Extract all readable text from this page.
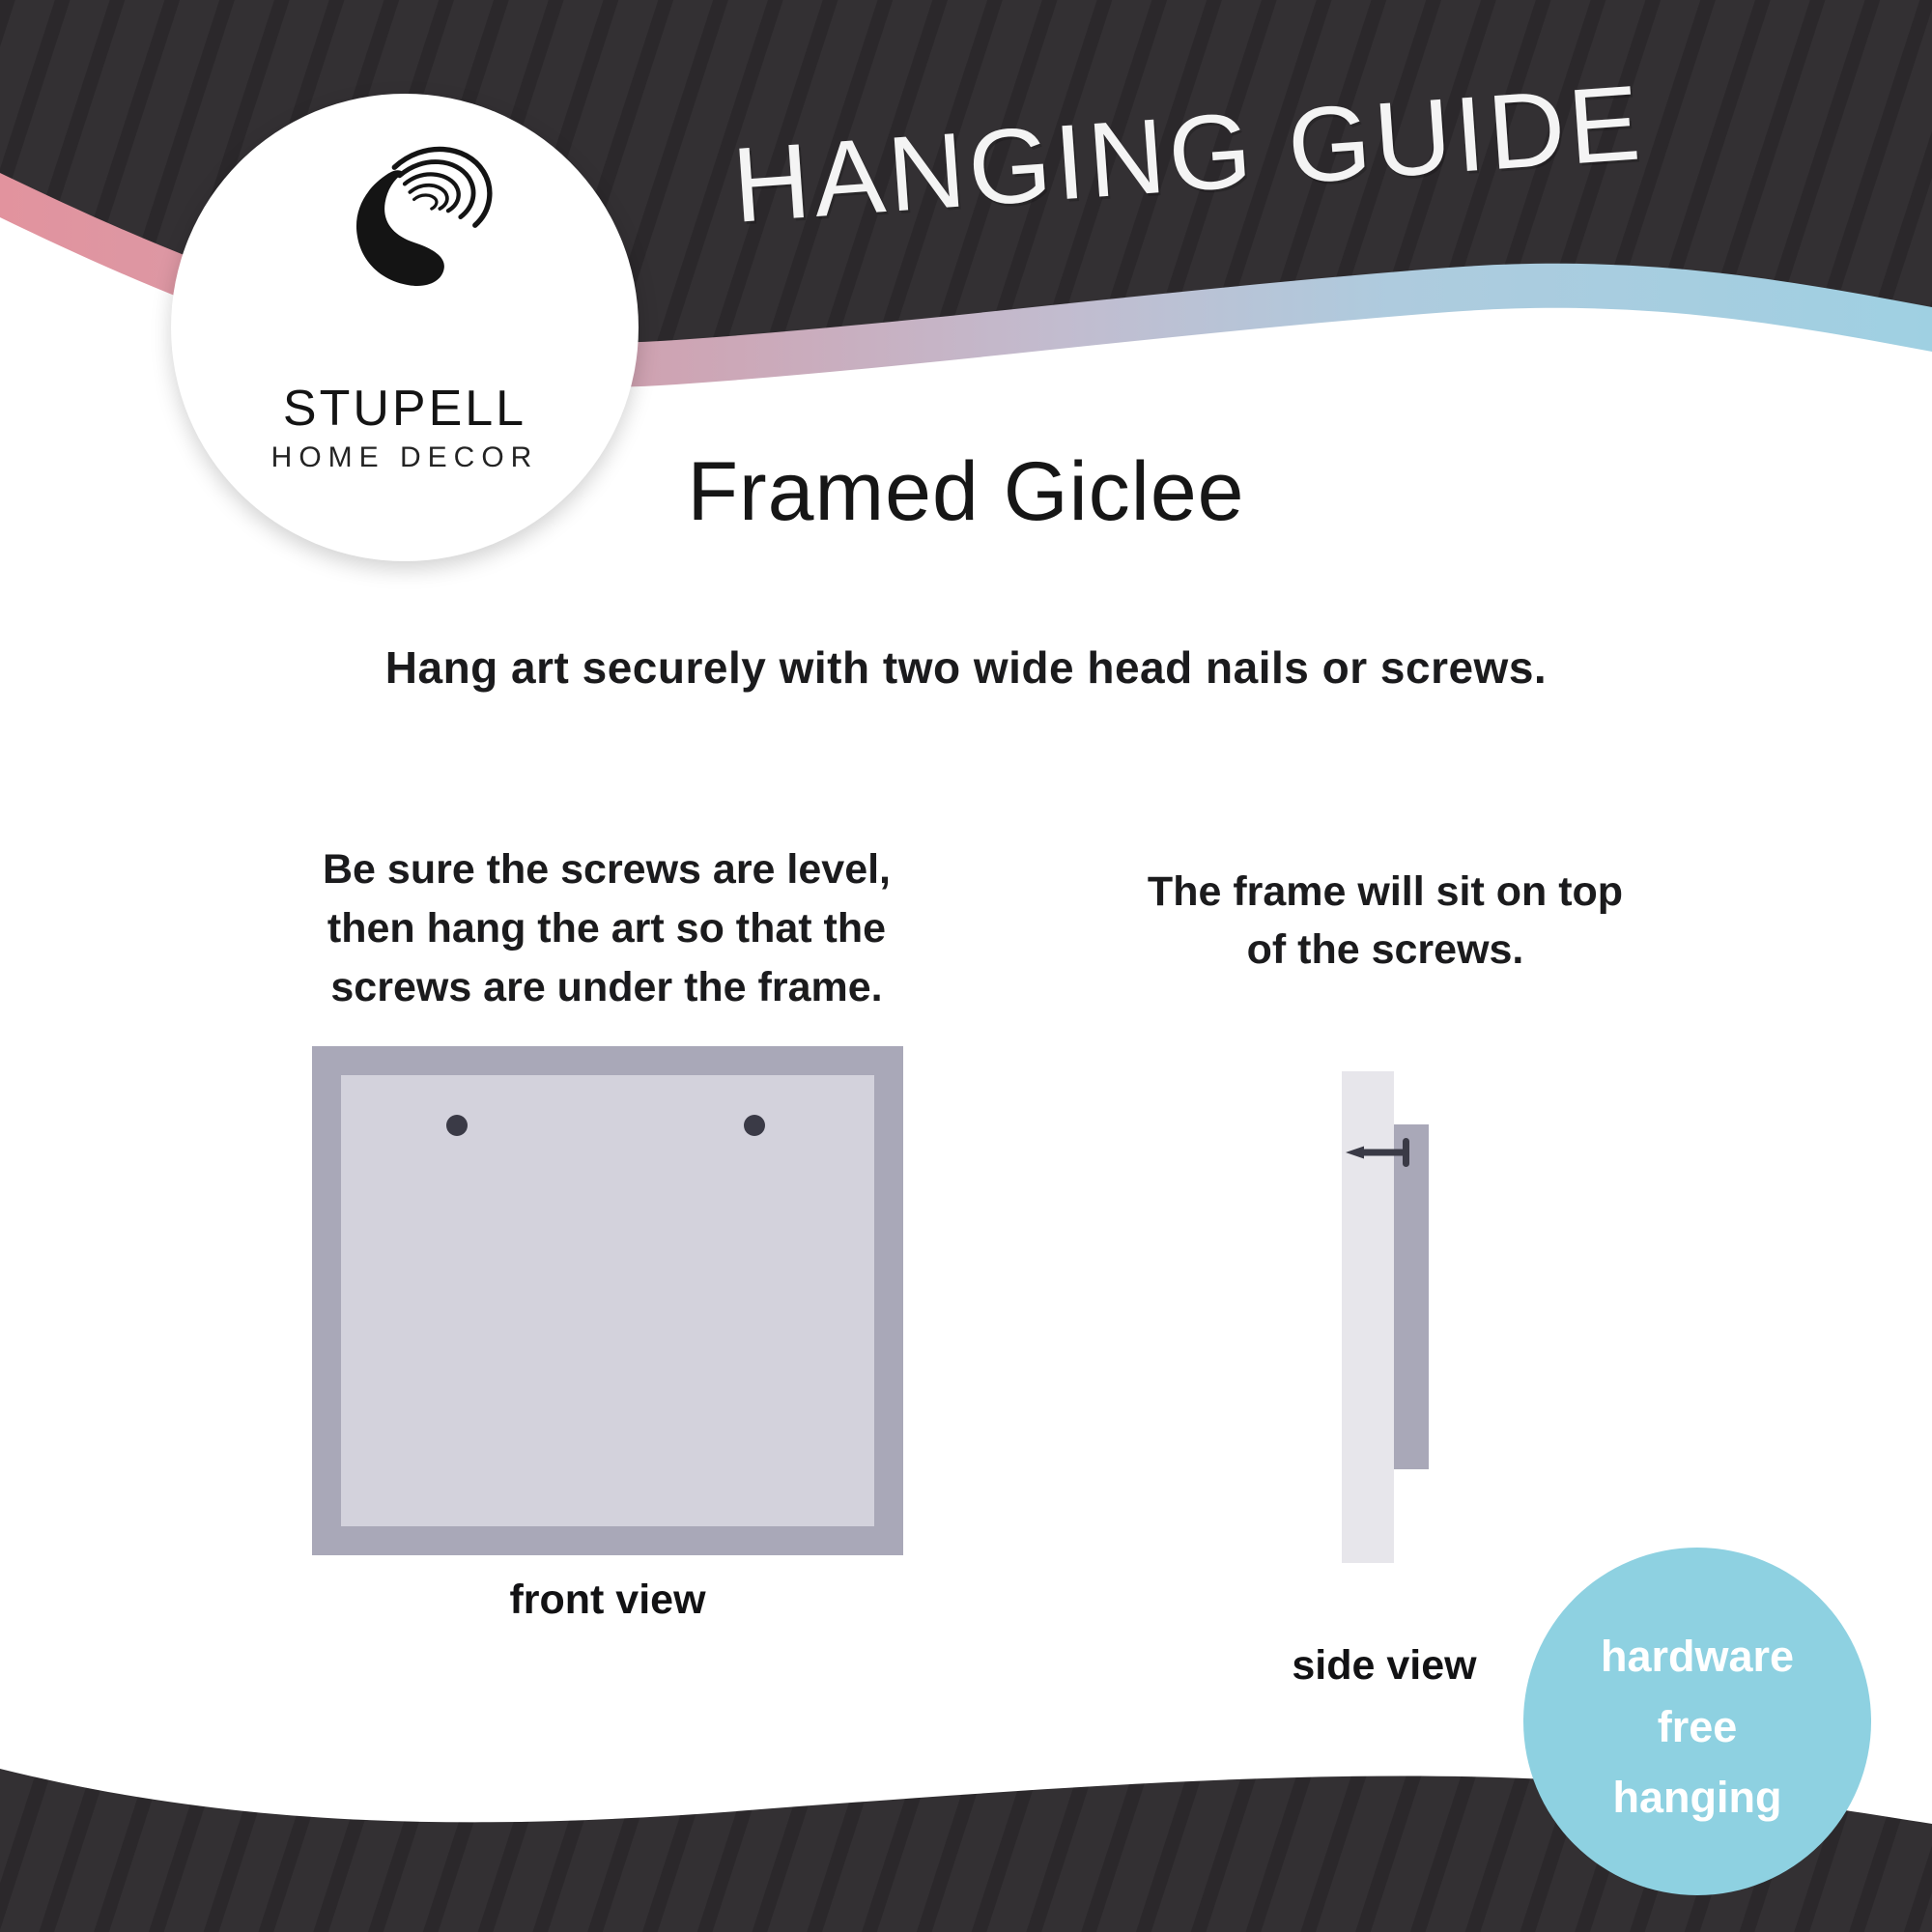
HANGING GUIDE
STUPELL
HOME DECOR	Framed Giclee
Hang art securely with two wide head nails or screws.
Be sure the screws are level,
then hang the art so that the
screws are under the frame.
front view
The frame will sit on top
of the screws.
side view	hardware
free
hanging
